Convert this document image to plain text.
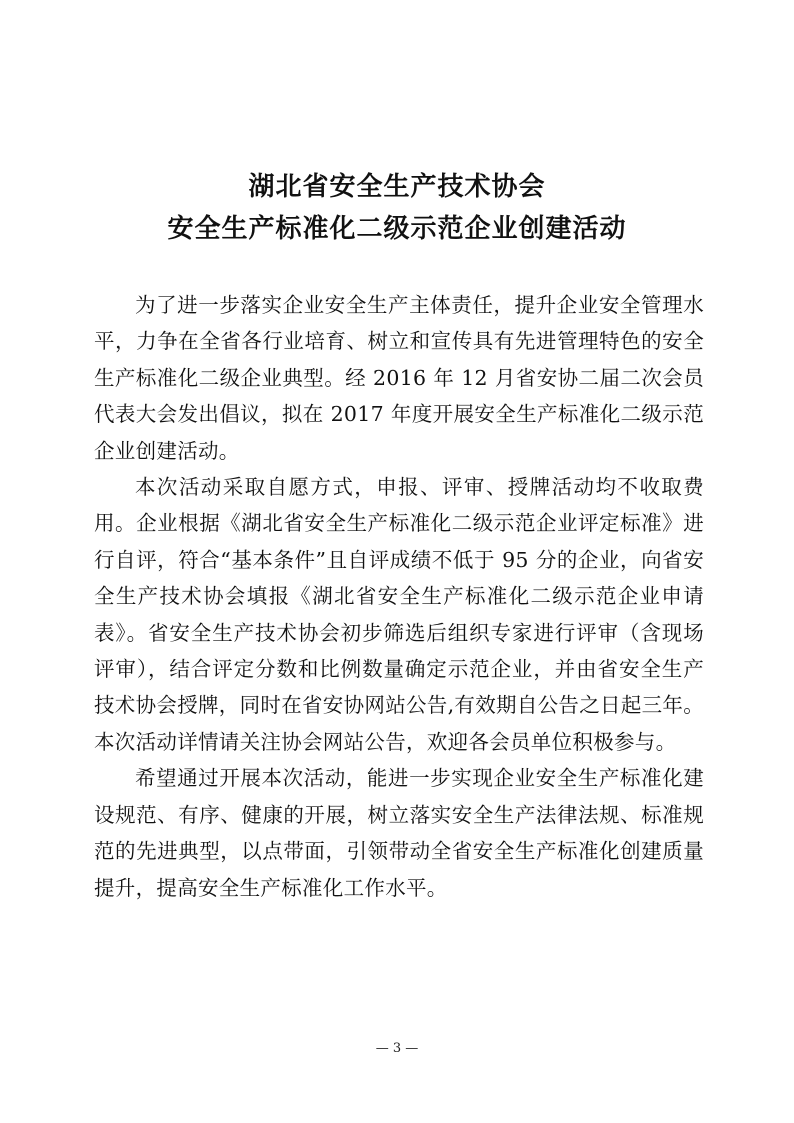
湖北省安全生产技术协会
安全生产标准化二级示范企业创建活动

为了进一步落实企业安全生产主体责任，提升企业安全管理水平，力争在全省各行业培育、树立和宣传具有先进管理特色的安全生产标准化二级企业典型。经 2016 年 12 月省安协二届二次会员代表大会发出倡议，拟在 2017 年度开展安全生产标准化二级示范企业创建活动。

本次活动采取自愿方式，申报、评审、授牌活动均不收取费用。企业根据《湖北省安全生产标准化二级示范企业评定标准》进行自评，符合“基本条件”且自评成绩不低于 95 分的企业，向省安全生产技术协会填报《湖北省安全生产标准化二级示范企业申请表》。省安全生产技术协会初步筛选后组织专家进行评审（含现场评审），结合评定分数和比例数量确定示范企业，并由省安全生产技术协会授牌，同时在省安协网站公告,有效期自公告之日起三年。本次活动详情请关注协会网站公告，欢迎各会员单位积极参与。

希望通过开展本次活动，能进一步实现企业安全生产标准化建设规范、有序、健康的开展，树立落实安全生产法律法规、标准规范的先进典型，以点带面，引领带动全省安全生产标准化创建质量提升，提高安全生产标准化工作水平。

— 3 —
